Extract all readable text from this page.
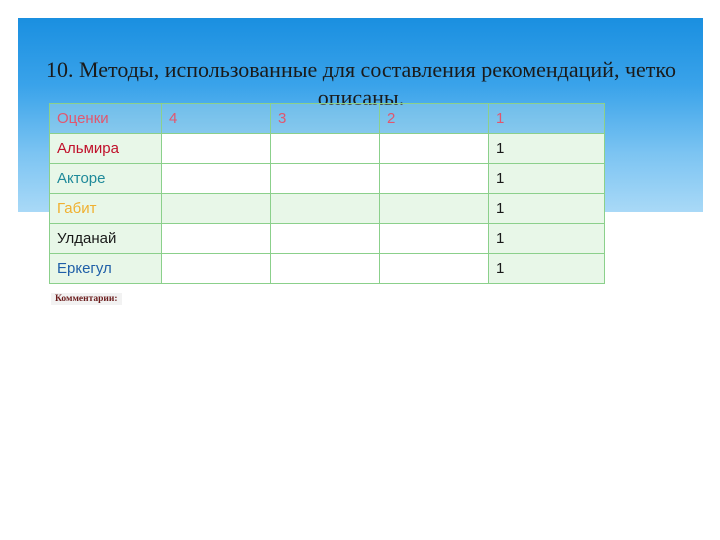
10. Методы, использованные для составления рекомендаций, четко описаны.
Оценки	4	3	2	1
Альмира				1
Акторе				1
Габит				1
Улданай				1
Еркегул				1
Комментарии:
